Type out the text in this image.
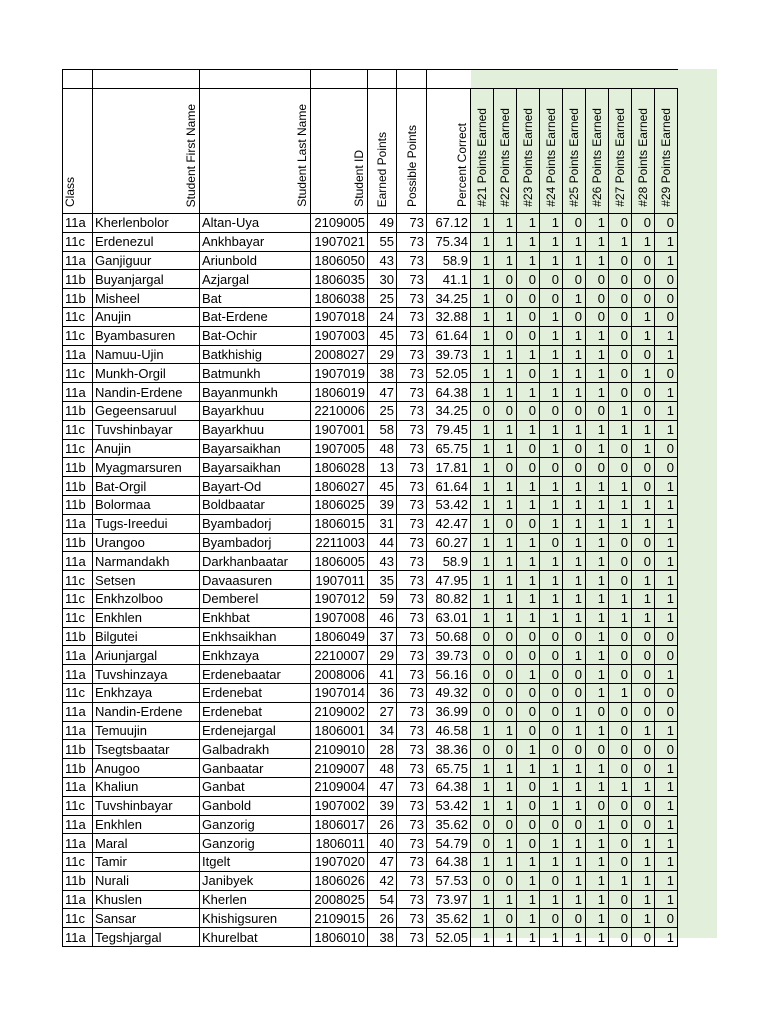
Class	Student First Name	Student Last Name	Student ID	Earned Points	Possible Points	Percent Correct	#21 Points Earned	#22 Points Earned	#23 Points Earned	#24 Points Earned	#25 Points Earned	#26 Points Earned	#27 Points Earned	#28 Points Earned	#29 Points Earned
11a	Kherlenbolor	Altan-Uya	2109005	49	73	67.12	1	1	1	1	0	1	0	0	0
11c	Erdenezul	Ankhbayar	1907021	55	73	75.34	1	1	1	1	1	1	1	1	1
11a	Ganjiguur	Ariunbold	1806050	43	73	58.9	1	1	1	1	1	1	0	0	1
11b	Buyanjargal	Azjargal	1806035	30	73	41.1	1	0	0	0	0	0	0	0	0
11b	Misheel	Bat	1806038	25	73	34.25	1	0	0	0	1	0	0	0	0
11c	Anujin	Bat-Erdene	1907018	24	73	32.88	1	1	0	1	0	0	0	1	0
11c	Byambasuren	Bat-Ochir	1907003	45	73	61.64	1	0	0	1	1	1	0	1	1
11a	Namuu-Ujin	Batkhishig	2008027	29	73	39.73	1	1	1	1	1	1	0	0	1
11c	Munkh-Orgil	Batmunkh	1907019	38	73	52.05	1	1	0	1	1	1	0	1	0
11a	Nandin-Erdene	Bayanmunkh	1806019	47	73	64.38	1	1	1	1	1	1	0	0	1
11b	Gegeensaruul	Bayarkhuu	2210006	25	73	34.25	0	0	0	0	0	0	1	0	1
11c	Tuvshinbayar	Bayarkhuu	1907001	58	73	79.45	1	1	1	1	1	1	1	1	1
11c	Anujin	Bayarsaikhan	1907005	48	73	65.75	1	1	0	1	0	1	0	1	0
11b	Myagmarsuren	Bayarsaikhan	1806028	13	73	17.81	1	0	0	0	0	0	0	0	0
11b	Bat-Orgil	Bayart-Od	1806027	45	73	61.64	1	1	1	1	1	1	1	0	1
11b	Bolormaa	Boldbaatar	1806025	39	73	53.42	1	1	1	1	1	1	1	1	1
11a	Tugs-Ireedui	Byambadorj	1806015	31	73	42.47	1	0	0	1	1	1	1	1	1
11b	Urangoo	Byambadorj	2211003	44	73	60.27	1	1	1	0	1	1	0	0	1
11a	Narmandakh	Darkhanbaatar	1806005	43	73	58.9	1	1	1	1	1	1	0	0	1
11c	Setsen	Davaasuren	1907011	35	73	47.95	1	1	1	1	1	1	0	1	1
11c	Enkhzolboo	Demberel	1907012	59	73	80.82	1	1	1	1	1	1	1	1	1
11c	Enkhlen	Enkhbat	1907008	46	73	63.01	1	1	1	1	1	1	1	1	1
11b	Bilgutei	Enkhsaikhan	1806049	37	73	50.68	0	0	0	0	0	1	0	0	0
11a	Ariunjargal	Enkhzaya	2210007	29	73	39.73	0	0	0	0	1	1	0	0	0
11a	Tuvshinzaya	Erdenebaatar	2008006	41	73	56.16	0	0	1	0	0	1	0	0	1
11c	Enkhzaya	Erdenebat	1907014	36	73	49.32	0	0	0	0	0	1	1	0	0
11a	Nandin-Erdene	Erdenebat	2109002	27	73	36.99	0	0	0	0	1	0	0	0	0
11a	Temuujin	Erdenejargal	1806001	34	73	46.58	1	1	0	0	1	1	0	1	1
11b	Tsegtsbaatar	Galbadrakh	2109010	28	73	38.36	0	0	1	0	0	0	0	0	0
11b	Anugoo	Ganbaatar	2109007	48	73	65.75	1	1	1	1	1	1	0	0	1
11a	Khaliun	Ganbat	2109004	47	73	64.38	1	1	0	1	1	1	1	1	1
11c	Tuvshinbayar	Ganbold	1907002	39	73	53.42	1	1	0	1	1	0	0	0	1
11a	Enkhlen	Ganzorig	1806017	26	73	35.62	0	0	0	0	0	1	0	0	1
11a	Maral	Ganzorig	1806011	40	73	54.79	0	1	0	1	1	1	0	1	1
11c	Tamir	Itgelt	1907020	47	73	64.38	1	1	1	1	1	1	0	1	1
11b	Nurali	Janibyek	1806026	42	73	57.53	0	0	1	0	1	1	1	1	1
11a	Khuslen	Kherlen	2008025	54	73	73.97	1	1	1	1	1	1	0	1	1
11c	Sansar	Khishigsuren	2109015	26	73	35.62	1	0	1	0	0	1	0	1	0
11a	Tegshjargal	Khurelbat	1806010	38	73	52.05	1	1	1	1	1	1	0	0	1
